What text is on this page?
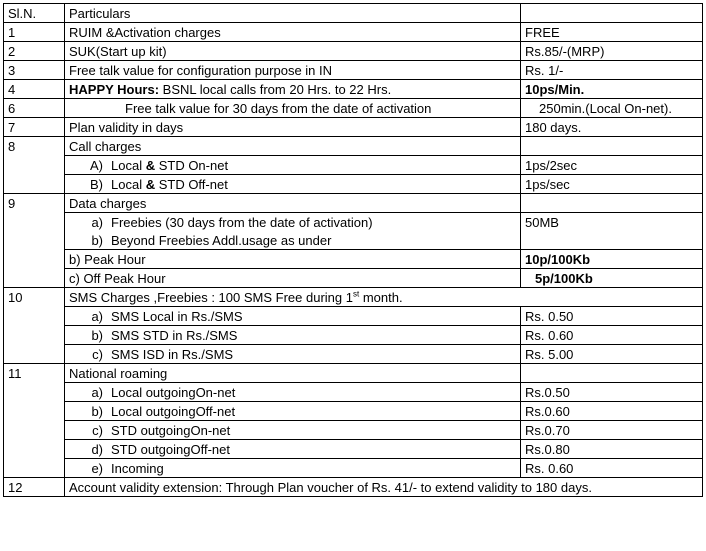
Sl.N.	Particulars	
1	RUIM &Activation charges	FREE
2	SUK(Start up kit)	Rs.85/-(MRP)
3	Free talk value for configuration purpose in IN	Rs. 1/-
4	HAPPY Hours: BSNL local calls from 20 Hrs. to 22 Hrs.	10ps/Min.
6	Free talk value for 30 days from the date of activation	250min.(Local On-net).
7	Plan validity in days	180 days.
8	Call charges	
	A) Local & STD On-net	1ps/2sec
	B) Local & STD Off-net	1ps/sec
9	Data charges	
	a) Freebies (30 days from the date of activation)	50MB
	b) Beyond Freebies Addl.usage as under	
	b) Peak Hour	10p/100Kb
	c) Off Peak Hour	5p/100Kb
10	SMS Charges ,Freebies : 100 SMS Free during 1st month.	
	a) SMS Local in Rs./SMS	Rs. 0.50
	b) SMS STD in Rs./SMS	Rs. 0.60
	c) SMS ISD in Rs./SMS	Rs. 5.00
11	National roaming	
	a) Local outgoingOn-net	Rs.0.50
	b) Local outgoingOff-net	Rs.0.60
	c) STD outgoingOn-net	Rs.0.70
	d) STD outgoingOff-net	Rs.0.80
	e) Incoming	Rs. 0.60
12	Account validity extension: Through Plan voucher of Rs. 41/- to extend validity to 180 days.	
